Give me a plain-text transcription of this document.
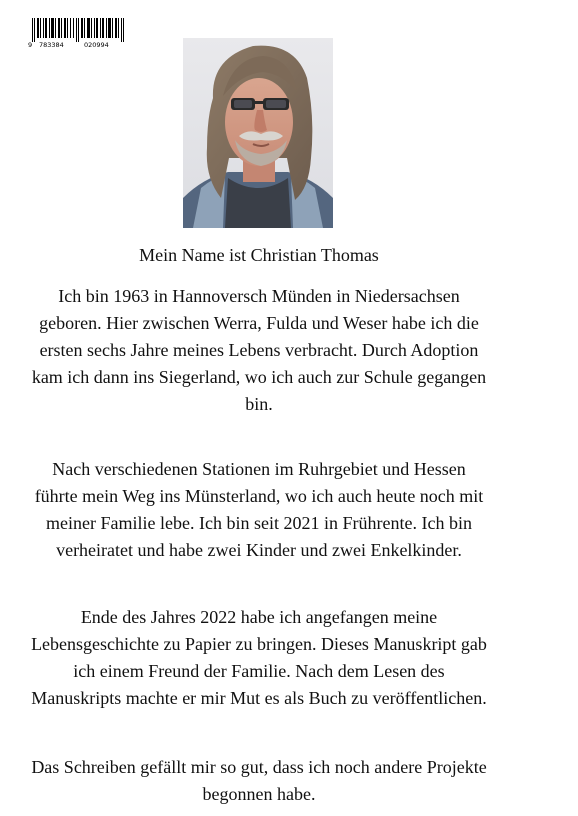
9 783384	020994
Mein Name ist Christian Thomas
Ich bin 1963 in Hannoversch Münden in Niedersachsen geboren. Hier zwischen Werra, Fulda und Weser habe ich die ersten sechs Jahre meines Lebens verbracht. Durch Adoption kam ich dann ins Siegerland, wo ich auch zur Schule gegangen bin.
Nach verschiedenen Stationen im Ruhrgebiet und Hessen führte mein Weg ins Münsterland, wo ich auch heute noch mit meiner Familie lebe. Ich bin seit 2021 in Frührente. Ich bin verheiratet und habe zwei Kinder und zwei Enkelkinder.
Ende des Jahres 2022 habe ich angefangen meine Lebensgeschichte zu Papier zu bringen. Dieses Manuskript gab ich einem Freund der Familie. Nach dem Lesen des Manuskripts machte er mir Mut es als Buch zu veröffentlichen.
Das Schreiben gefällt mir so gut, dass ich noch andere Projekte begonnen habe.
